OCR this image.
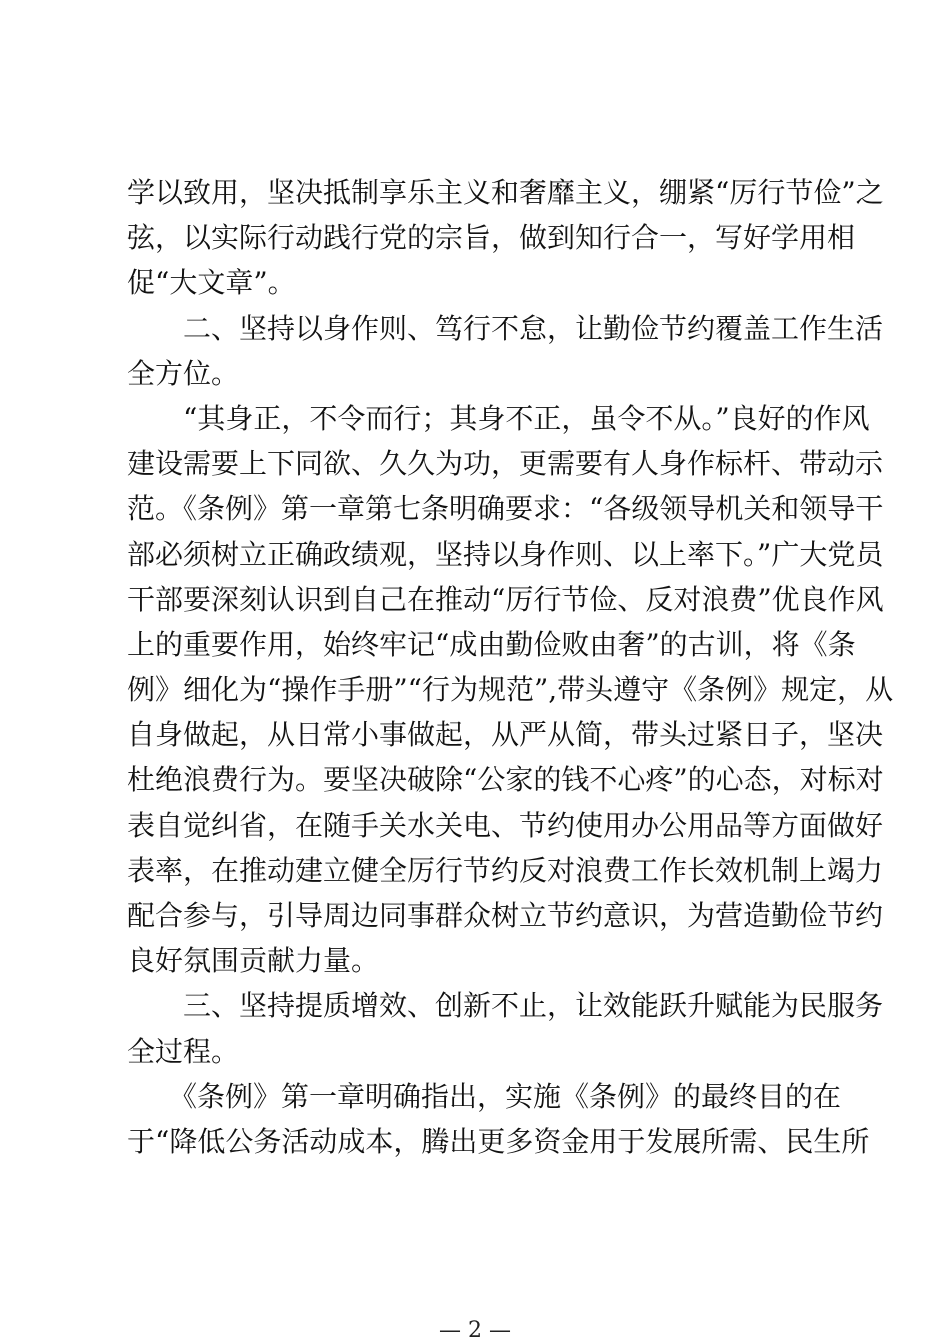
学以致用，坚决抵制享乐主义和奢靡主义，绷紧“厉行节俭”之
弦，以实际行动践行党的宗旨，做到知行合一，写好学用相
促“大文章”。
　　二、坚持以身作则、笃行不怠，让勤俭节约覆盖工作生活
全方位。
　　“其身正，不令而行；其身不正，虽令不从。”良好的作风
建设需要上下同欲、久久为功，更需要有人身作标杆、带动示
范。《条例》第一章第七条明确要求：“各级领导机关和领导干
部必须树立正确政绩观，坚持以身作则、以上率下。”广大党员
干部要深刻认识到自己在推动“厉行节俭、反对浪费”优良作风
上的重要作用，始终牢记“成由勤俭败由奢”的古训，将《条
例》细化为“操作手册”“行为规范”,带头遵守《条例》规定，从
自身做起，从日常小事做起，从严从简，带头过紧日子，坚决
杜绝浪费行为。要坚决破除“公家的钱不心疼”的心态，对标对
表自觉纠省，在随手关水关电、节约使用办公用品等方面做好
表率，在推动建立健全厉行节约反对浪费工作长效机制上竭力
配合参与，引导周边同事群众树立节约意识，为营造勤俭节约
良好氛围贡献力量。
　　三、坚持提质增效、创新不止，让效能跃升赋能为民服务
全过程。
　　《条例》第一章明确指出，实施《条例》的最终目的在
于“降低公务活动成本，腾出更多资金用于发展所需、民生所
— 2 —
